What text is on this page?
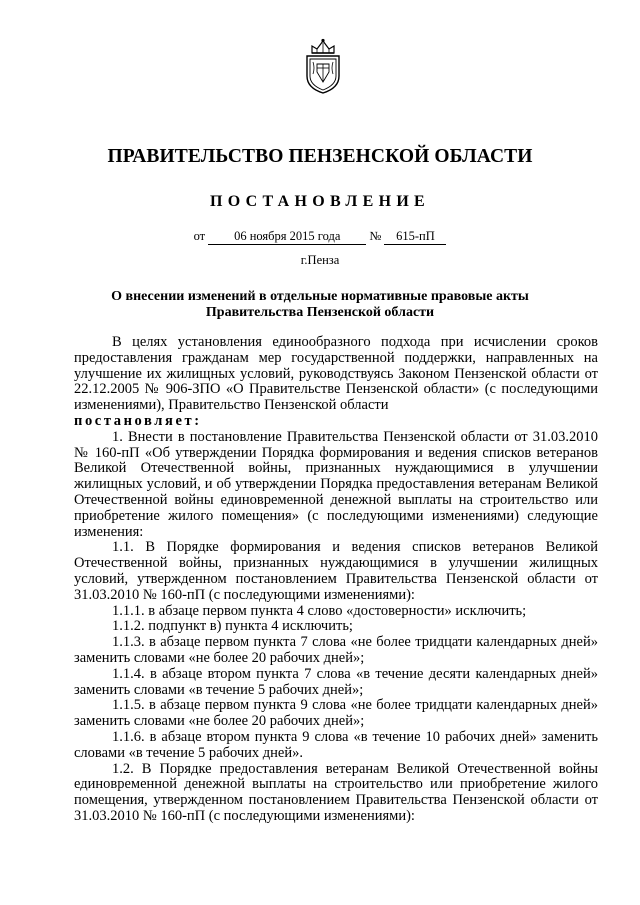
ПРАВИТЕЛЬСТВО ПЕНЗЕНСКОЙ ОБЛАСТИ
ПОСТАНОВЛЕНИЕ
от 06 ноября 2015 года № 615-пП
г.Пенза
О внесении изменений в отдельные нормативные правовые акты
Правительства Пензенской области

В целях установления единообразного подхода при исчислении сроков предоставления гражданам мер государственной поддержки, направленных на улучшение их жилищных условий, руководствуясь Законом Пензенской области от 22.12.2005 № 906-ЗПО «О Правительстве Пензенской области» (с последующими изменениями), Правительство Пензенской области

постановляет:

1. Внести в постановление Правительства Пензенской области от 31.03.2010 № 160-пП «Об утверждении Порядка формирования и ведения списков ветеранов Великой Отечественной войны, признанных нуждающимися в улучшении жилищных условий, и об утверждении Порядка предоставления ветеранам Великой Отечественной войны единовременной денежной выплаты на строительство или приобретение жилого помещения» (с последующими изменениями) следующие изменения:

1.1. В Порядке формирования и ведения списков ветеранов Великой Отечественной войны, признанных нуждающимися в улучшении жилищных условий, утвержденном постановлением Правительства Пензенской области от 31.03.2010 № 160-пП (с последующими изменениями):

1.1.1. в абзаце первом пункта 4 слово «достоверности» исключить;

1.1.2. подпункт в) пункта 4 исключить;

1.1.3. в абзаце первом пункта 7 слова «не более тридцати календарных дней» заменить словами «не более 20 рабочих дней»;

1.1.4. в абзаце втором пункта 7 слова «в течение десяти календарных дней» заменить словами «в течение 5 рабочих дней»;

1.1.5. в абзаце первом пункта 9 слова «не более тридцати календарных дней» заменить словами «не более 20 рабочих дней»;

1.1.6. в абзаце втором пункта 9 слова «в течение 10 рабочих дней» заменить словами «в течение 5 рабочих дней».

1.2. В Порядке предоставления ветеранам Великой Отечественной войны единовременной денежной выплаты на строительство или приобретение жилого помещения, утвержденном постановлением Правительства Пензенской области от 31.03.2010 № 160-пП (с последующими изменениями):
